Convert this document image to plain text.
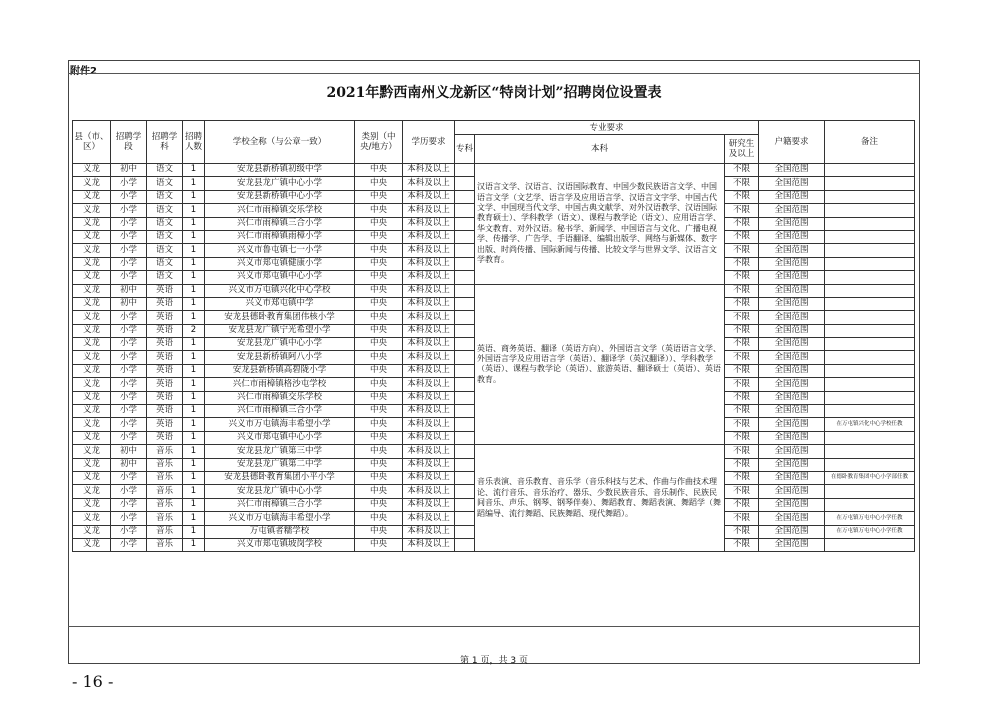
附件2
2021年黔西南州义龙新区“特岗计划”招聘岗位设置表
县（市、区）	招聘学段	招聘学科	招聘人数	学校全称（与公章一致）	类别（中央/地方）	学历要求	专业要求			户籍要求	备注
							专科	本科	研究生及以上		
义龙	初中	语文	1	安龙县新桥镇初级中学	中央	本科及以上		汉语言文学、汉语言、汉语国际教育、中国少数民族语言文学、中国语言文学（文艺学、语言学及应用语言学、汉语言文字学、中国古代文学、中国现当代文学、中国古典文献学、对外汉语教学、汉语国际教育硕士）、学科教学（语文）、课程与教学论（语文）、应用语言学、华文教育、对外汉语。秘书学、新闻学、中国语言与文化、广播电视学、传播学、广告学、手语翻译、编辑出版学、网络与新媒体、数字出版、时尚传播、国际新闻与传播、比较文学与世界文学、汉语言文学教育。	不限	全国范围	
义龙	小学	语文	1	安龙县龙广镇中心小学	中央	本科及以上			不限	全国范围	
义龙	小学	语文	1	安龙县新桥镇中心小学	中央	本科及以上			不限	全国范围	
义龙	小学	语文	1	兴仁市雨樟镇交乐学校	中央	本科及以上			不限	全国范围	
义龙	小学	语文	1	兴仁市雨樟镇三合小学	中央	本科及以上			不限	全国范围	
义龙	小学	语文	1	兴仁市雨樟镇雨樟小学	中央	本科及以上			不限	全国范围	
义龙	小学	语文	1	兴义市鲁屯镇七一小学	中央	本科及以上			不限	全国范围	
义龙	小学	语文	1	兴义市郑屯镇健康小学	中央	本科及以上			不限	全国范围	
义龙	小学	语文	1	兴义市郑屯镇中心小学	中央	本科及以上			不限	全国范围	
义龙	初中	英语	1	兴义市万屯镇兴化中心学校	中央	本科及以上		英语、商务英语、翻译（英语方向）、外国语言文学（英语语言文学、外国语言学及应用语言学（英语）、翻译学（英汉翻译））、学科教学（英语）、课程与教学论（英语）、旅游英语、翻译硕士（英语）、英语教育。	不限	全国范围	
义龙	初中	英语	1	兴义市郑屯镇中学	中央	本科及以上			不限	全国范围	
义龙	小学	英语	1	安龙县德卧教育集团伟核小学	中央	本科及以上			不限	全国范围	
义龙	小学	英语	2	安龙县龙广镇宁光希望小学	中央	本科及以上			不限	全国范围	
义龙	小学	英语	1	安龙县龙广镇中心小学	中央	本科及以上			不限	全国范围	
义龙	小学	英语	1	安龙县新桥镇阿八小学	中央	本科及以上			不限	全国范围	
义龙	小学	英语	1	安龙县新桥镇高碧陇小学	中央	本科及以上			不限	全国范围	
义龙	小学	英语	1	兴仁市雨樟镇格沙屯学校	中央	本科及以上			不限	全国范围	
义龙	小学	英语	1	兴仁市雨樟镇交乐学校	中央	本科及以上			不限	全国范围	
义龙	小学	英语	1	兴仁市雨樟镇三合小学	中央	本科及以上			不限	全国范围	
义龙	小学	英语	1	兴义市万屯镇海丰希望小学	中央	本科及以上			不限	全国范围	在万屯镇兴化中心学校任教
义龙	小学	英语	1	兴义市郑屯镇中心小学	中央	本科及以上			不限	全国范围	
义龙	初中	音乐	1	安龙县龙广镇第三中学	中央	本科及以上		音乐表演、音乐教育、音乐学（音乐科技与艺术、作曲与作曲技术理论、流行音乐、音乐治疗、器乐、少数民族音乐、音乐制作、民族民间音乐、声乐、钢琴、钢琴伴奏）、舞蹈教育、舞蹈表演、舞蹈学（舞蹈编导、流行舞蹈、民族舞蹈、现代舞蹈）。	不限	全国范围	
义龙	初中	音乐	1	安龙县龙广镇第二中学	中央	本科及以上			不限	全国范围	
义龙	小学	音乐	1	安龙县德卧教育集团小平小学	中央	本科及以上			不限	全国范围	在德卧教育集团中心小学部任教
义龙	小学	音乐	1	安龙县龙广镇中心小学	中央	本科及以上			不限	全国范围	
义龙	小学	音乐	1	兴仁市雨樟镇三合小学	中央	本科及以上			不限	全国范围	
义龙	小学	音乐	1	兴义市万屯镇海丰希望小学	中央	本科及以上			不限	全国范围	在万屯镇万屯中心小学任教
义龙	小学	音乐	1	万屯镇者糯学校	中央	本科及以上			不限	全国范围	在万屯镇万屯中心小学任教
义龙	小学	音乐	1	兴义市郑屯镇坡岗学校	中央	本科及以上			不限	全国范围	
第 1 页，共 3 页
- 16 -
